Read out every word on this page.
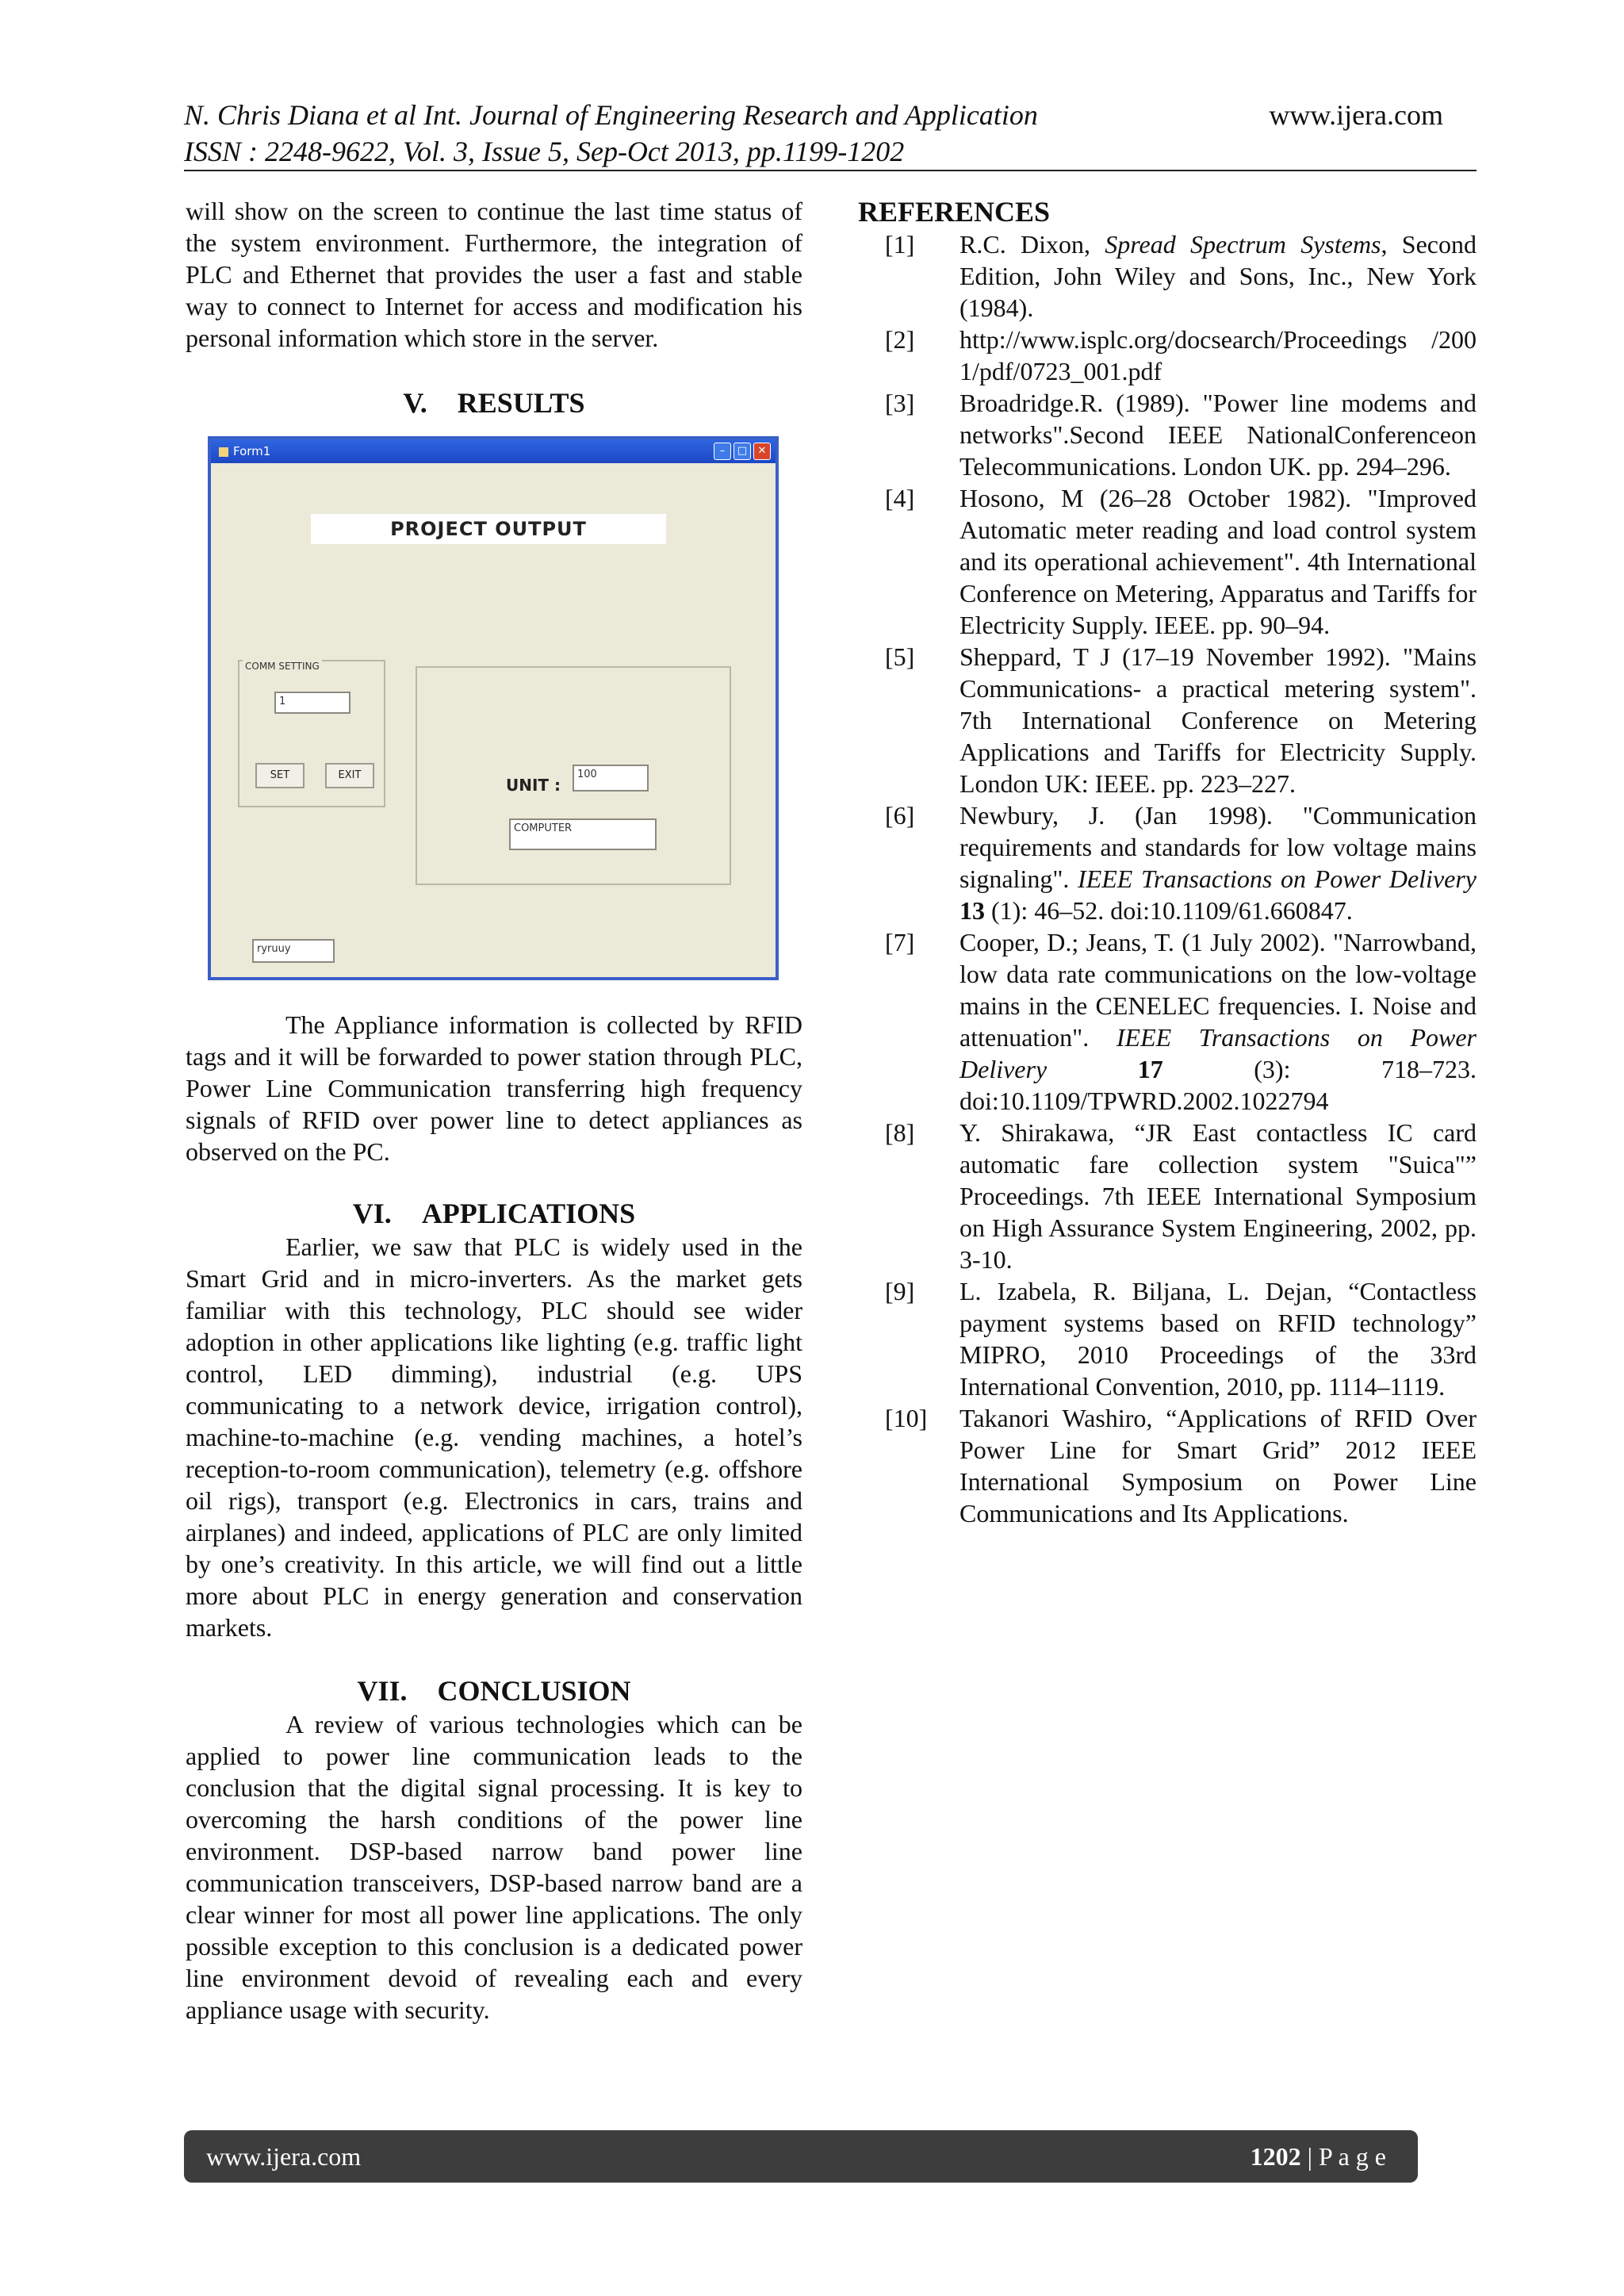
N. Chris Diana et al Int. Journal of Engineering Research and Application	www.ijera.com
ISSN : 2248-9622, Vol. 3, Issue 5, Sep-Oct 2013, pp.1199-1202

will show on the screen to continue the last time status of the system environment. Furthermore, the integration of PLC and Ethernet that provides the user a fast and stable way to connect to Internet for access and modification his personal information which store in the server.

V. RESULTS
Form1	–	□	✕
PROJECT OUTPUT
COMM SETTING
1
SET	EXIT
UNIT :
100
COMPUTER
ryruuy

The Appliance information is collected by RFID tags and it will be forwarded to power station through PLC, Power Line Communication transferring high frequency signals of RFID over power line to detect appliances as observed on the PC.

VI. APPLICATIONS

Earlier, we saw that PLC is widely used in the Smart Grid and in micro-inverters. As the market gets familiar with this technology, PLC should see wider adoption in other applications like lighting (e.g. traffic light control, LED dimming), industrial (e.g. UPS communicating to a network device, irrigation control), machine-to-machine (e.g. vending machines, a hotel’s reception-to-room communication), telemetry (e.g. offshore oil rigs), transport (e.g. Electronics in cars, trains and airplanes) and indeed, applications of PLC are only limited by one’s creativity. In this article, we will find out a little more about PLC in energy generation and conservation markets.

VII. CONCLUSION

A review of various technologies which can be applied to power line communication leads to the conclusion that the digital signal processing. It is key to overcoming the harsh conditions of the power line environment. DSP-based narrow band power line communication transceivers, DSP-based narrow band are a clear winner for most all power line applications. The only possible exception to this conclusion is a dedicated power line environment devoid of revealing each and every appliance usage with security.

REFERENCES
[1]	R.C. Dixon, Spread Spectrum Systems, Second Edition, John Wiley and Sons, Inc., New York (1984).
[2]	http://www.isplc.org/docsearch/Proceedings /2001/pdf/0723_001.pdf
[3]	Broadridge.R. (1989). "Power line modems and networks".Second IEEE NationalConferenceon Telecommunications. London UK. pp. 294–296.
[4]	Hosono, M (26–28 October 1982). "Improved Automatic meter reading and load control system and its operational achievement". 4th International Conference on Metering, Apparatus and Tariffs for Electricity Supply. IEEE. pp. 90–94.
[5]	Sheppard, T J (17–19 November 1992). "Mains Communications- a practical metering system". 7th International Conference on Metering Applications and Tariffs for Electricity Supply. London UK: IEEE. pp. 223–227.
[6]	Newbury, J. (Jan 1998). "Communication requirements and standards for low voltage mains signaling". IEEE Transactions on Power Delivery 13 (1): 46–52. doi:10.1109/61.660847.
[7]	Cooper, D.; Jeans, T. (1 July 2002). "Narrowband, low data rate communications on the low-voltage mains in the CENELEC frequencies. I. Noise and attenuation". IEEE Transactions on Power Delivery 17 (3): 718–723. doi:10.1109/TPWRD.2002.1022794
[8]	Y. Shirakawa, “JR East contactless IC card automatic fare collection system "Suica"” Proceedings. 7th IEEE International Symposium on High Assurance System Engineering, 2002, pp. 3-10.
[9]	L. Izabela, R. Biljana, L. Dejan, “Contactless payment systems based on RFID technology” MIPRO, 2010 Proceedings of the 33rd International Convention, 2010, pp. 1114–1119.
[10]	Takanori Washiro, “Applications of RFID Over Power Line for Smart Grid” 2012 IEEE International Symposium on Power Line Communications and Its Applications.
www.ijera.com	1202 | P a g e
